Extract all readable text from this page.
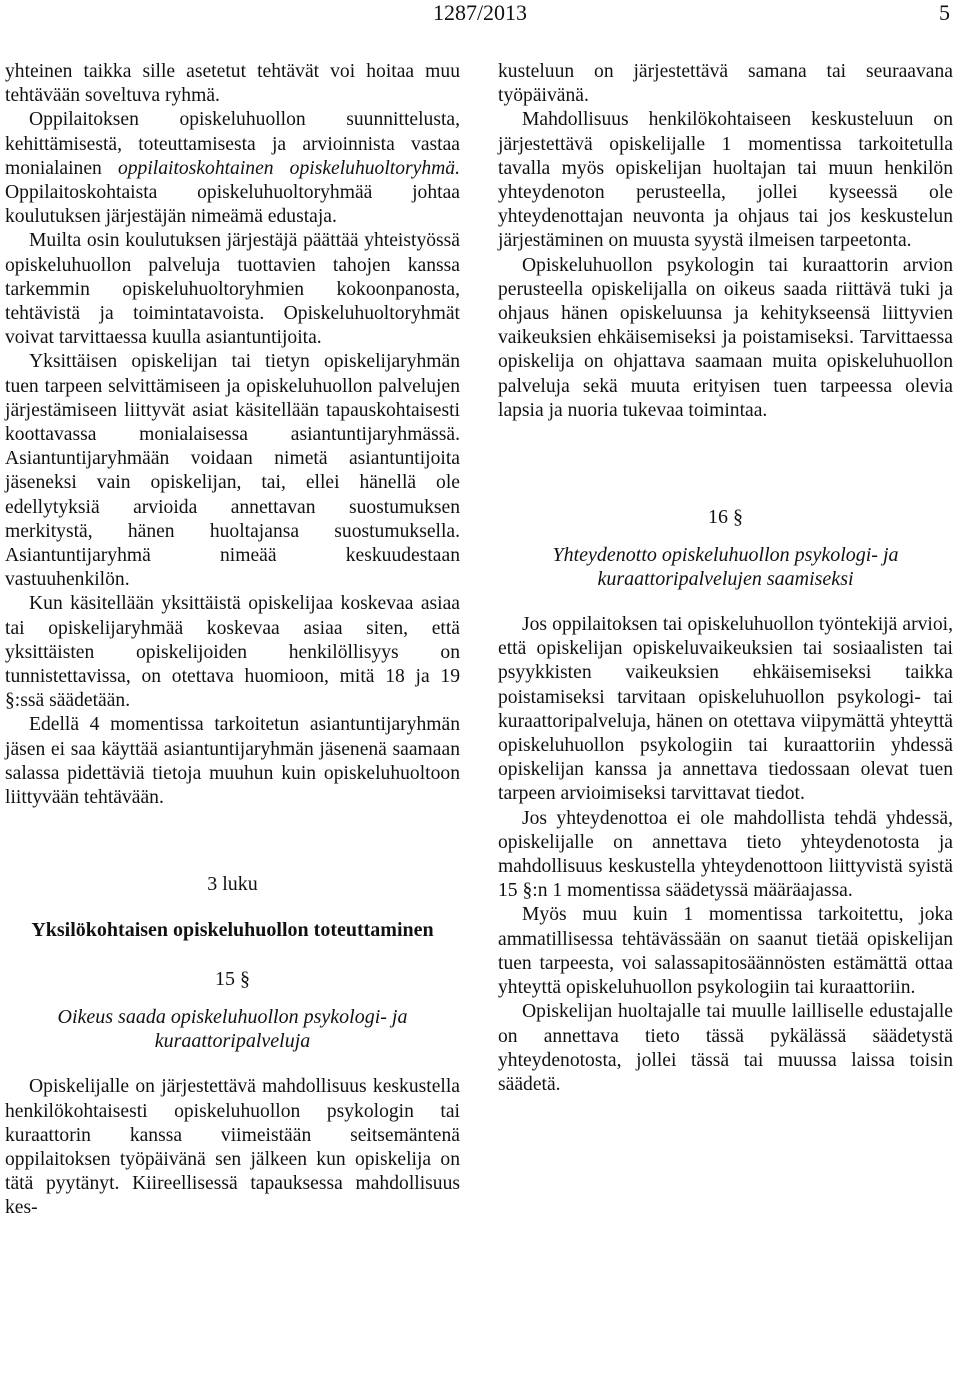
1287/2013	5

yhteinen taikka sille asetetut tehtävät voi hoitaa muu tehtävään soveltuva ryhmä.

Oppilaitoksen opiskeluhuollon suunnittelusta, kehittämisestä, toteuttamisesta ja arvioinnista vastaa monialainen oppilaitoskohtainen opiskeluhuoltoryhmä. Oppilaitoskohtaista opiskeluhuoltoryhmää johtaa koulutuksen järjestäjän nimeämä edustaja.

Muilta osin koulutuksen järjestäjä päättää yhteistyössä opiskeluhuollon palveluja tuottavien tahojen kanssa tarkemmin opiskeluhuoltoryhmien kokoonpanosta, tehtävistä ja toimintatavoista. Opiskeluhuoltoryhmät voivat tarvittaessa kuulla asiantuntijoita.

Yksittäisen opiskelijan tai tietyn opiskelijaryhmän tuen tarpeen selvittämiseen ja opiskeluhuollon palvelujen järjestämiseen liittyvät asiat käsitellään tapauskohtaisesti koottavassa monialaisessa asiantuntijaryhmässä. Asiantuntijaryhmään voidaan nimetä asiantuntijoita jäseneksi vain opiskelijan, tai, ellei hänellä ole edellytyksiä arvioida annettavan suostumuksen merkitystä, hänen huoltajansa suostumuksella. Asiantuntijaryhmä nimeää keskuudestaan vastuuhenkilön.

Kun käsitellään yksittäistä opiskelijaa koskevaa asiaa tai opiskelijaryhmää koskevaa asiaa siten, että yksittäisten opiskelijoiden henkilöllisyys on tunnistettavissa, on otettava huomioon, mitä 18 ja 19 §:ssä säädetään.

Edellä 4 momentissa tarkoitetun asiantuntijaryhmän jäsen ei saa käyttää asiantuntijaryhmän jäsenenä saamaan salassa pidettäviä tietoja muuhun kuin opiskeluhuoltoon liittyvään tehtävään.

3 luku
Yksilökohtaisen opiskeluhuollon toteuttaminen
15 §
Oikeus saada opiskeluhuollon psykologi- ja kuraattoripalveluja

Opiskelijalle on järjestettävä mahdollisuus keskustella henkilökohtaisesti opiskeluhuollon psykologin tai kuraattorin kanssa viimeistään seitsemäntenä oppilaitoksen työpäivänä sen jälkeen kun opiskelija on tätä pyytänyt. Kiireellisessä tapauksessa mahdollisuus kes-

kusteluun on järjestettävä samana tai seuraavana työpäivänä.

Mahdollisuus henkilökohtaiseen keskusteluun on järjestettävä opiskelijalle 1 momentissa tarkoitetulla tavalla myös opiskelijan huoltajan tai muun henkilön yhteydenoton perusteella, jollei kyseessä ole yhteydenottajan neuvonta ja ohjaus tai jos keskustelun järjestäminen on muusta syystä ilmeisen tarpeetonta.

Opiskeluhuollon psykologin tai kuraattorin arvion perusteella opiskelijalla on oikeus saada riittävä tuki ja ohjaus hänen opiskeluunsa ja kehitykseensä liittyvien vaikeuksien ehkäisemiseksi ja poistamiseksi. Tarvittaessa opiskelija on ohjattava saamaan muita opiskeluhuollon palveluja sekä muuta erityisen tuen tarpeessa olevia lapsia ja nuoria tukevaa toimintaa.

16 §
Yhteydenotto opiskeluhuollon psykologi- ja kuraattoripalvelujen saamiseksi

Jos oppilaitoksen tai opiskeluhuollon työntekijä arvioi, että opiskelijan opiskeluvaikeuksien tai sosiaalisten tai psyykkisten vaikeuksien ehkäisemiseksi taikka poistamiseksi tarvitaan opiskeluhuollon psykologi- tai kuraattoripalveluja, hänen on otettava viipymättä yhteyttä opiskeluhuollon psykologiin tai kuraattoriin yhdessä opiskelijan kanssa ja annettava tiedossaan olevat tuen tarpeen arvioimiseksi tarvittavat tiedot.

Jos yhteydenottoa ei ole mahdollista tehdä yhdessä, opiskelijalle on annettava tieto yhteydenotosta ja mahdollisuus keskustella yhteydenottoon liittyvistä syistä 15 §:n 1 momentissa säädetyssä määräajassa.

Myös muu kuin 1 momentissa tarkoitettu, joka ammatillisessa tehtävässään on saanut tietää opiskelijan tuen tarpeesta, voi salassapitosäännösten estämättä ottaa yhteyttä opiskeluhuollon psykologiin tai kuraattoriin.

Opiskelijan huoltajalle tai muulle lailliselle edustajalle on annettava tieto tässä pykälässä säädetystä yhteydenotosta, jollei tässä tai muussa laissa toisin säädetä.
